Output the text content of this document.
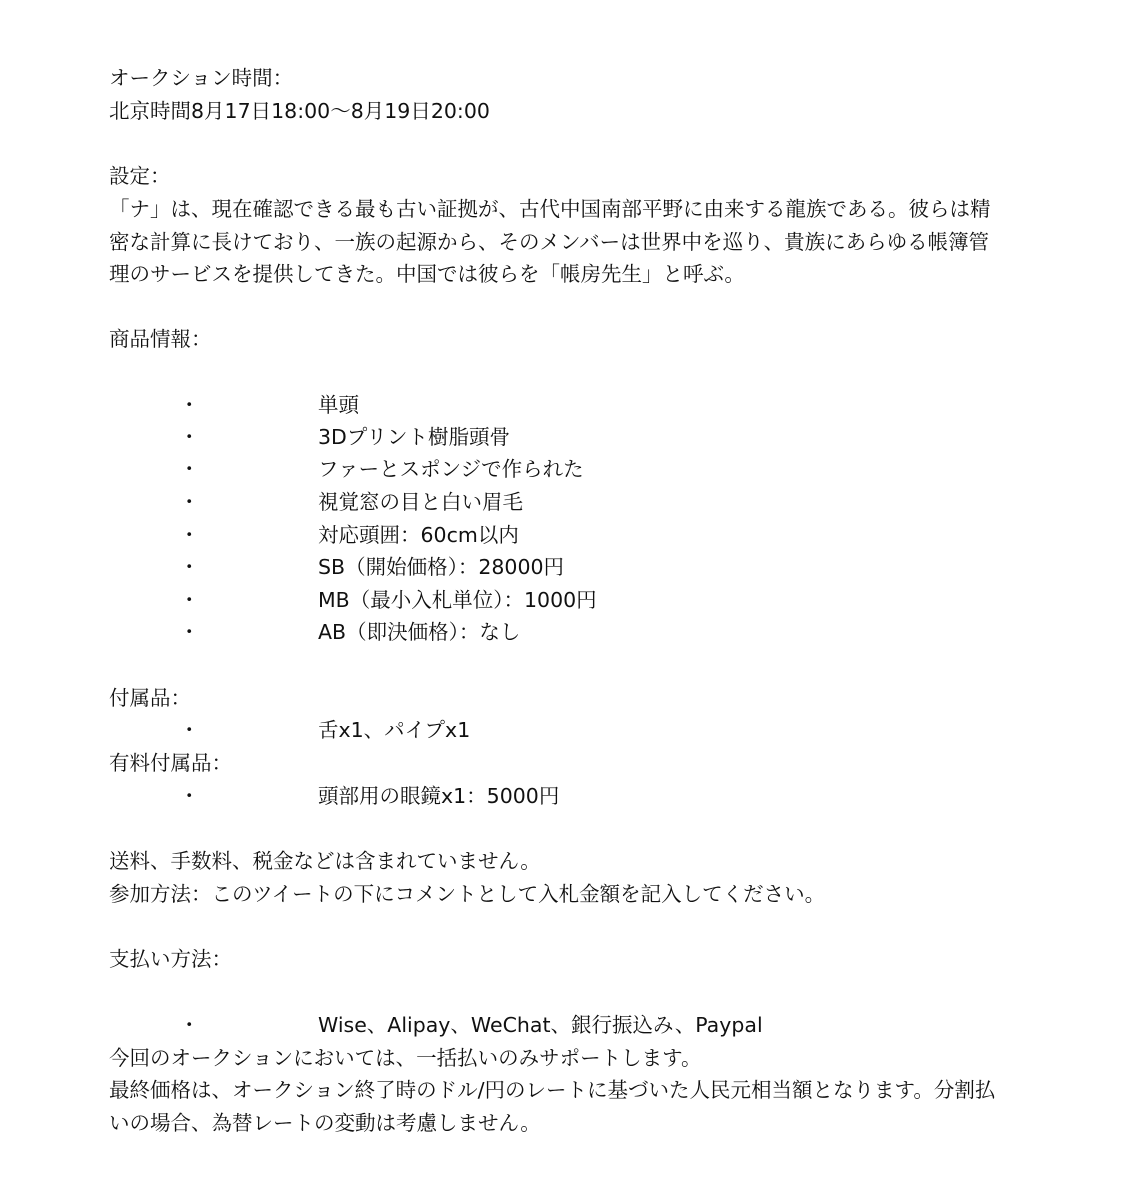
オークション時間：
北京時間8月17日18:00〜8月19日20:00
設定：
「ナ」は、現在確認できる最も古い証拠が、古代中国南部平野に由来する龍族である。彼らは精
密な計算に長けており、一族の起源から、そのメンバーは世界中を巡り、貴族にあらゆる帳簿管
理のサービスを提供してきた。中国では彼らを「帳房先生」と呼ぶ。
商品情報：
・	単頭
・	3Dプリント樹脂頭骨
・	ファーとスポンジで作られた
・	視覚窓の目と白い眉毛
・	対応頭囲：60cm以内
・	SB（開始価格）：28000円
・	MB（最小入札単位）：1000円
・	AB（即決価格）：なし
付属品：
・	舌x1、パイプx1
有料付属品：
・	頭部用の眼鏡x1：5000円
送料、手数料、税金などは含まれていません。
参加方法：このツイートの下にコメントとして入札金額を記入してください。
支払い方法：
・	Wise、Alipay、WeChat、銀行振込み、Paypal
今回のオークションにおいては、一括払いのみサポートします。
最終価格は、オークション終了時のドル/円のレートに基づいた人民元相当額となります。分割払
いの場合、為替レートの変動は考慮しません。
